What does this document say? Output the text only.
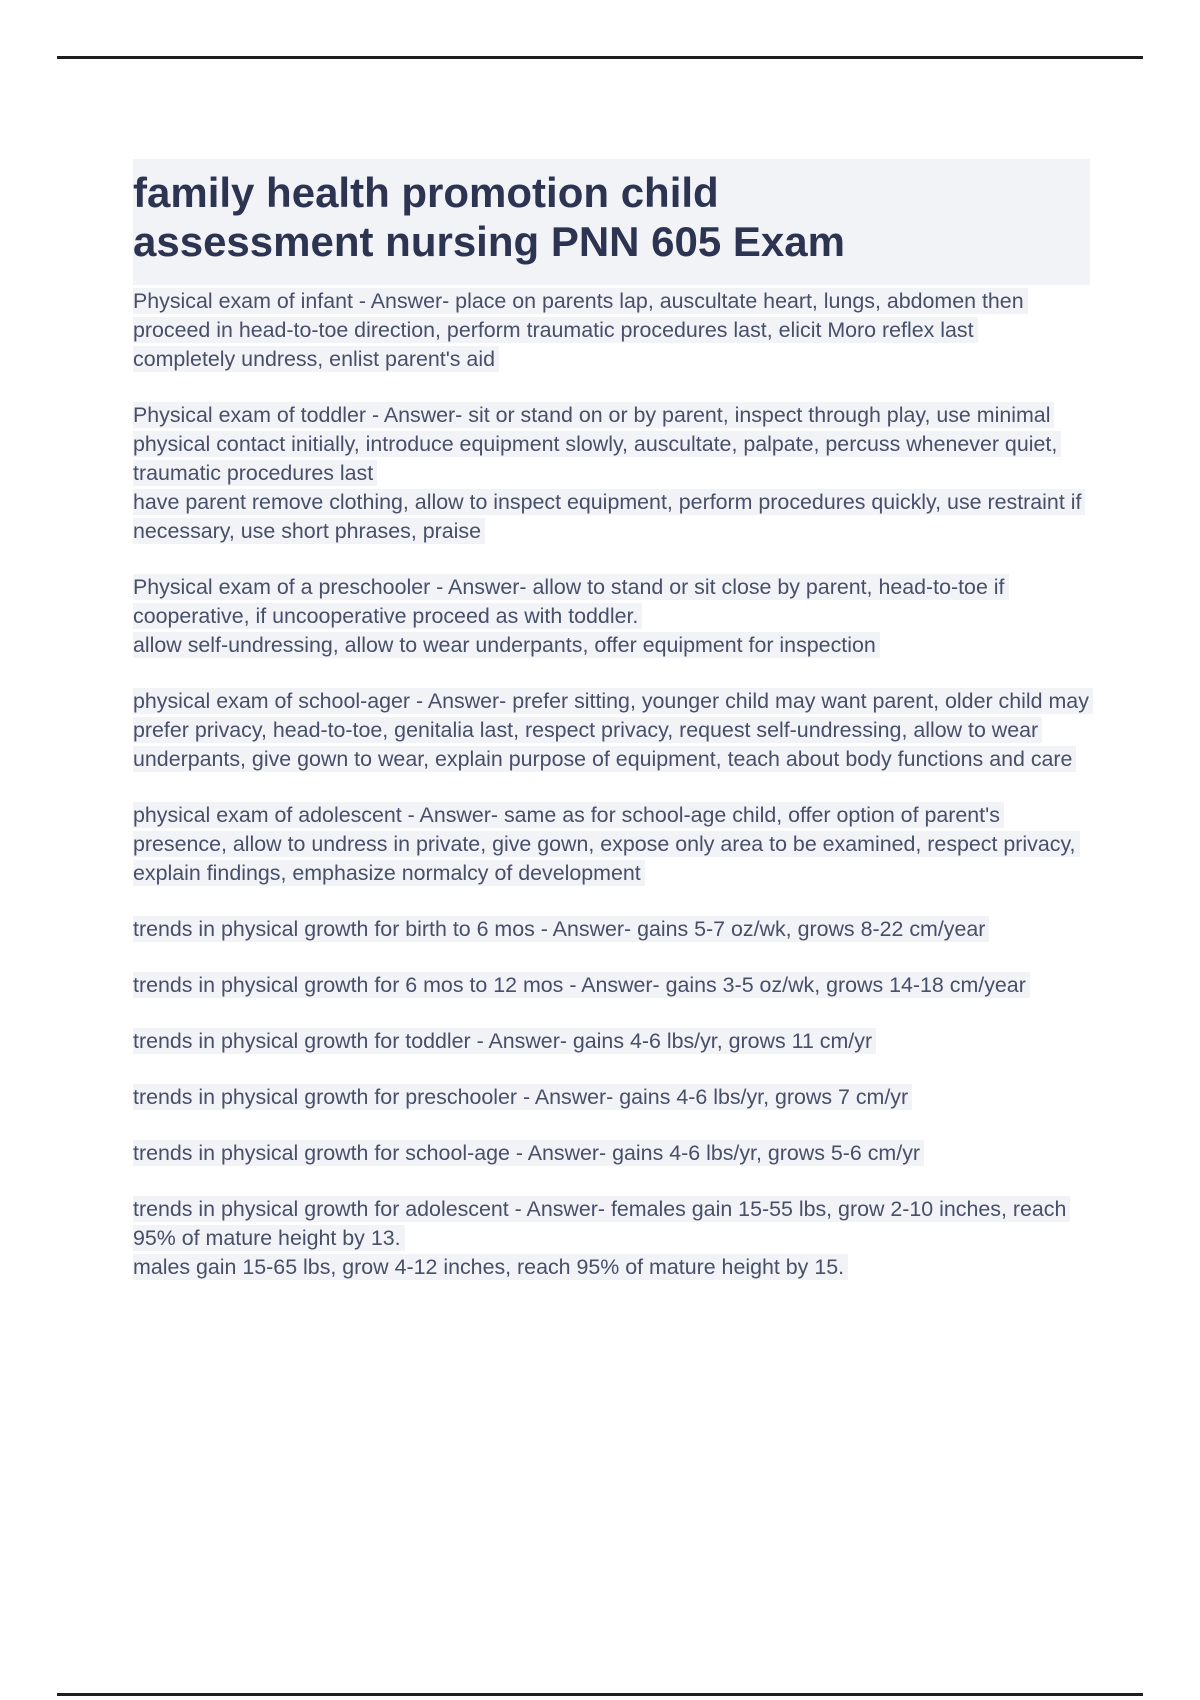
family health promotion child
assessment nursing PNN 605 Exam

Physical exam of infant - Answer- place on parents lap, auscultate heart, lungs, abdomen then proceed in head-to-toe direction, perform traumatic procedures last, elicit Moro reflex last
completely undress, enlist parent's aid

Physical exam of toddler - Answer- sit or stand on or by parent, inspect through play, use minimal physical contact initially, introduce equipment slowly, auscultate, palpate, percuss whenever quiet, traumatic procedures last
have parent remove clothing, allow to inspect equipment, perform procedures quickly, use restraint if necessary, use short phrases, praise

Physical exam of a preschooler - Answer- allow to stand or sit close by parent, head-to-toe if cooperative, if uncooperative proceed as with toddler.
allow self-undressing, allow to wear underpants, offer equipment for inspection

physical exam of school-ager - Answer- prefer sitting, younger child may want parent, older child may prefer privacy, head-to-toe, genitalia last, respect privacy, request self-undressing, allow to wear underpants, give gown to wear, explain purpose of equipment, teach about body functions and care

physical exam of adolescent - Answer- same as for school-age child, offer option of parent's presence, allow to undress in private, give gown, expose only area to be examined, respect privacy, explain findings, emphasize normalcy of development

trends in physical growth for birth to 6 mos - Answer- gains 5-7 oz/wk, grows 8-22 cm/year

trends in physical growth for 6 mos to 12 mos - Answer- gains 3-5 oz/wk, grows 14-18 cm/year

trends in physical growth for toddler - Answer- gains 4-6 lbs/yr, grows 11 cm/yr

trends in physical growth for preschooler - Answer- gains 4-6 lbs/yr, grows 7 cm/yr

trends in physical growth for school-age - Answer- gains 4-6 lbs/yr, grows 5-6 cm/yr

trends in physical growth for adolescent - Answer- females gain 15-55 lbs, grow 2-10 inches, reach 95% of mature height by 13.
males gain 15-65 lbs, grow 4-12 inches, reach 95% of mature height by 15.
